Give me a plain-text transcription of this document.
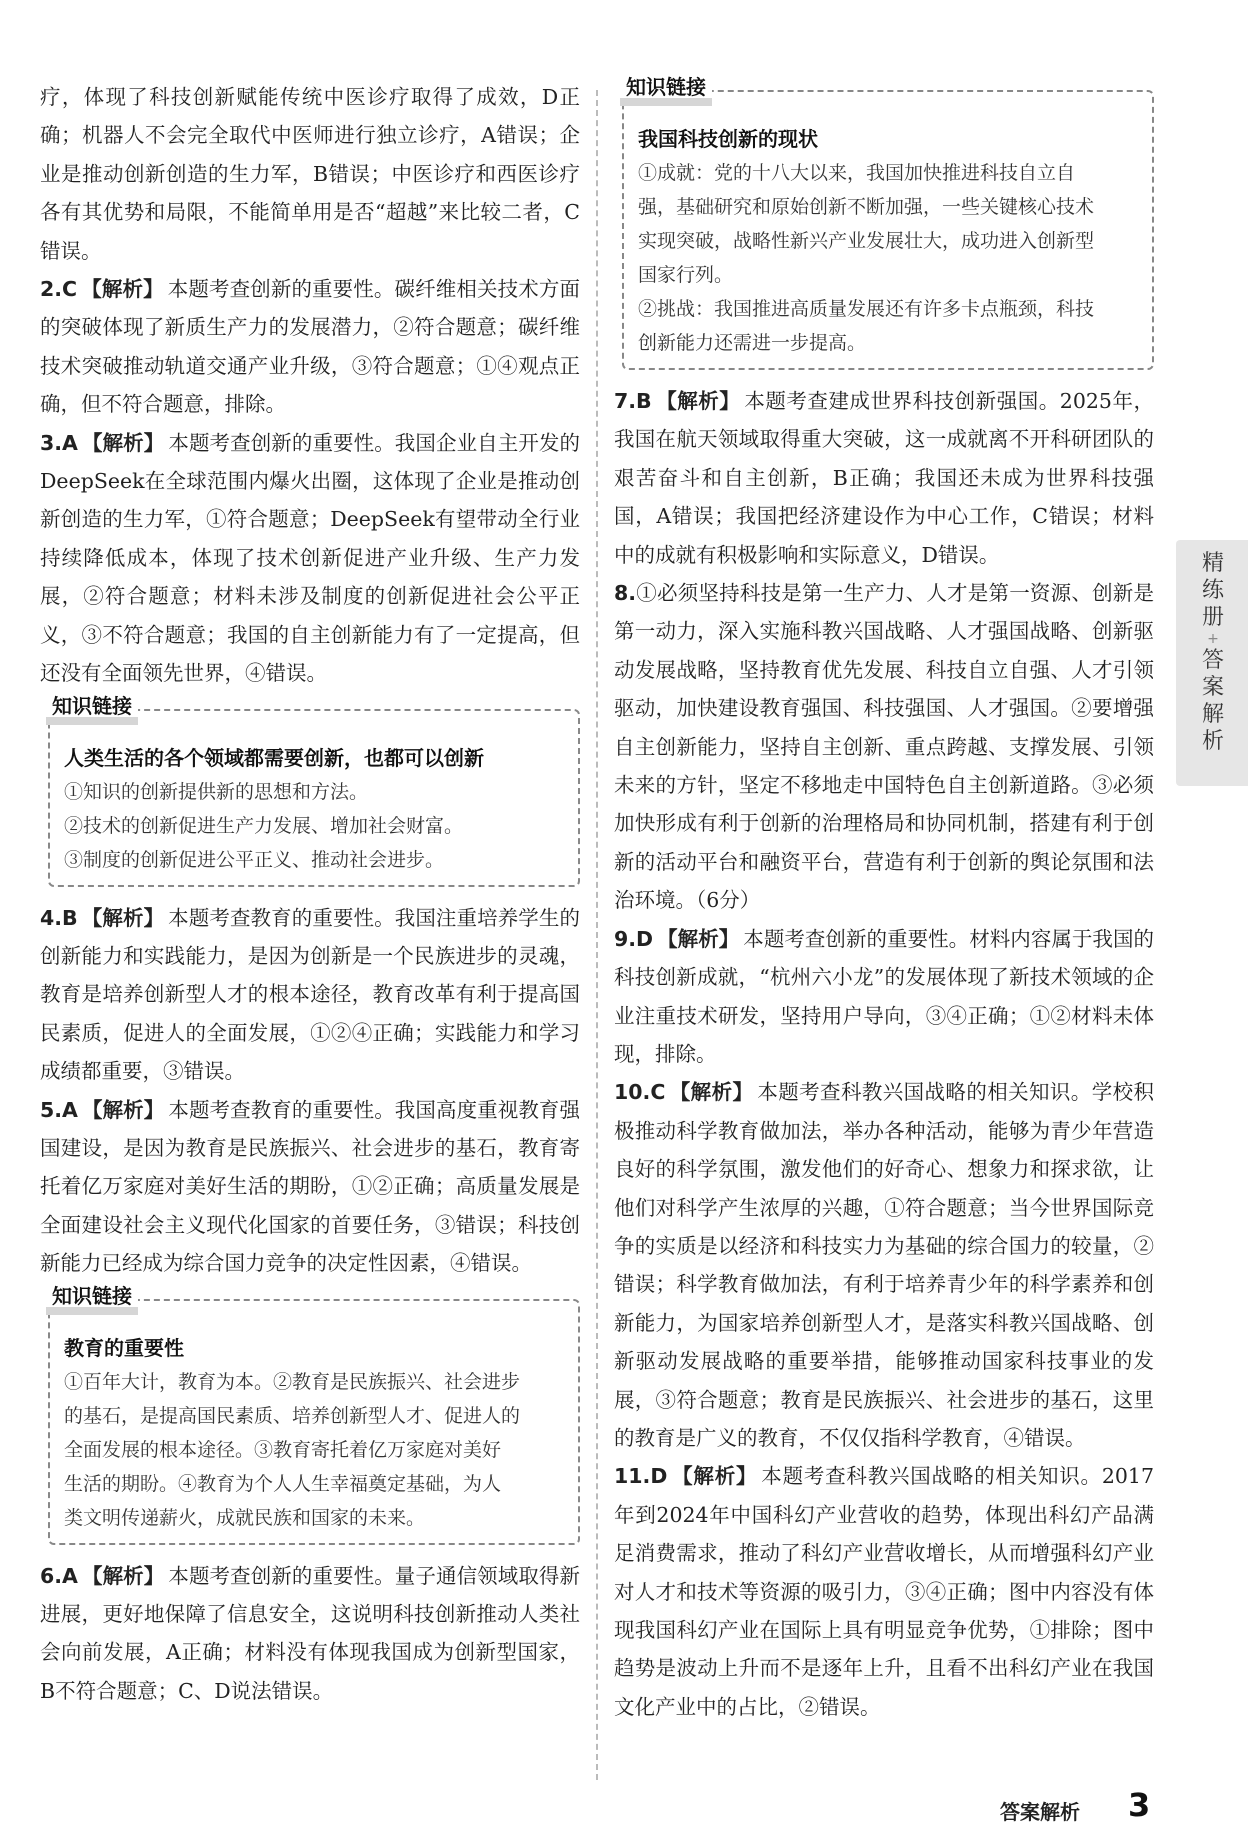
疗，体现了科技创新赋能传统中医诊疗取得了成效，D正确；机器人不会完全取代中医师进行独立诊疗，A错误；企业是推动创新创造的生力军，B错误；中医诊疗和西医诊疗各有其优势和局限，不能简单用是否“超越”来比较二者，C错误。

2.C 【解析】 本题考查创新的重要性。碳纤维相关技术方面的突破体现了新质生产力的发展潜力，②符合题意；碳纤维技术突破推动轨道交通产业升级，③符合题意；①④观点正确，但不符合题意，排除。

3.A 【解析】 本题考查创新的重要性。我国企业自主开发的DeepSeek在全球范围内爆火出圈，这体现了企业是推动创新创造的生力军，①符合题意；DeepSeek有望带动全行业持续降低成本，体现了技术创新促进产业升级、生产力发展，②符合题意；材料未涉及制度的创新促进社会公平正义，③不符合题意；我国的自主创新能力有了一定提高，但还没有全面领先世界，④错误。

知识链接
人类生活的各个领域都需要创新，也都可以创新
①知识的创新提供新的思想和方法。
②技术的创新促进生产力发展、增加社会财富。
③制度的创新促进公平正义、推动社会进步。

4.B 【解析】 本题考查教育的重要性。我国注重培养学生的创新能力和实践能力，是因为创新是一个民族进步的灵魂，教育是培养创新型人才的根本途径，教育改革有利于提高国民素质，促进人的全面发展，①②④正确；实践能力和学习成绩都重要，③错误。

5.A 【解析】 本题考查教育的重要性。我国高度重视教育强国建设，是因为教育是民族振兴、社会进步的基石，教育寄托着亿万家庭对美好生活的期盼，①②正确；高质量发展是全面建设社会主义现代化国家的首要任务，③错误；科技创新能力已经成为综合国力竞争的决定性因素，④错误。

知识链接
教育的重要性
①百年大计，教育为本。②教育是民族振兴、社会进步
的基石，是提高国民素质、培养创新型人才、促进人的
全面发展的根本途径。③教育寄托着亿万家庭对美好
生活的期盼。④教育为个人人生幸福奠定基础，为人
类文明传递薪火，成就民族和国家的未来。

6.A 【解析】 本题考查创新的重要性。量子通信领域取得新进展，更好地保障了信息安全，这说明科技创新推动人类社会向前发展，A正确；材料没有体现我国成为创新型国家，B不符合题意；C、D说法错误。

知识链接
我国科技创新的现状
①成就：党的十八大以来，我国加快推进科技自立自
强，基础研究和原始创新不断加强，一些关键核心技术
实现突破，战略性新兴产业发展壮大，成功进入创新型
国家行列。
②挑战：我国推进高质量发展还有许多卡点瓶颈，科技
创新能力还需进一步提高。

7.B 【解析】 本题考查建成世界科技创新强国。2025年，我国在航天领域取得重大突破，这一成就离不开科研团队的艰苦奋斗和自主创新，B正确；我国还未成为世界科技强国，A错误；我国把经济建设作为中心工作，C错误；材料中的成就有积极影响和实际意义，D错误。

8.①必须坚持科技是第一生产力、人才是第一资源、创新是第一动力，深入实施科教兴国战略、人才强国战略、创新驱动发展战略，坚持教育优先发展、科技自立自强、人才引领驱动，加快建设教育强国、科技强国、人才强国。②要增强自主创新能力，坚持自主创新、重点跨越、支撑发展、引领未来的方针，坚定不移地走中国特色自主创新道路。③必须加快形成有利于创新的治理格局和协同机制，搭建有利于创新的活动平台和融资平台，营造有利于创新的舆论氛围和法治环境。（6分）

9.D 【解析】 本题考查创新的重要性。材料内容属于我国的科技创新成就，“杭州六小龙”的发展体现了新技术领域的企业注重技术研发，坚持用户导向，③④正确；①②材料未体现，排除。

10.C 【解析】 本题考查科教兴国战略的相关知识。学校积极推动科学教育做加法，举办各种活动，能够为青少年营造良好的科学氛围，激发他们的好奇心、想象力和探求欲，让他们对科学产生浓厚的兴趣，①符合题意；当今世界国际竞争的实质是以经济和科技实力为基础的综合国力的较量，②错误；科学教育做加法，有利于培养青少年的科学素养和创新能力，为国家培养创新型人才，是落实科教兴国战略、创新驱动发展战略的重要举措，能够推动国家科技事业的发展，③符合题意；教育是民族振兴、社会进步的基石，这里的教育是广义的教育，不仅仅指科学教育，④错误。

11.D 【解析】 本题考查科教兴国战略的相关知识。2017年到2024年中国科幻产业营收的趋势，体现出科幻产品满足消费需求，推动了科幻产业营收增长，从而增强科幻产业对人才和技术等资源的吸引力，③④正确；图中内容没有体现我国科幻产业在国际上具有明显竞争优势，①排除；图中趋势是波动上升而不是逐年上升，且看不出科幻产业在我国文化产业中的占比，②错误。

精练册
+
答案解析
答案解析 3
